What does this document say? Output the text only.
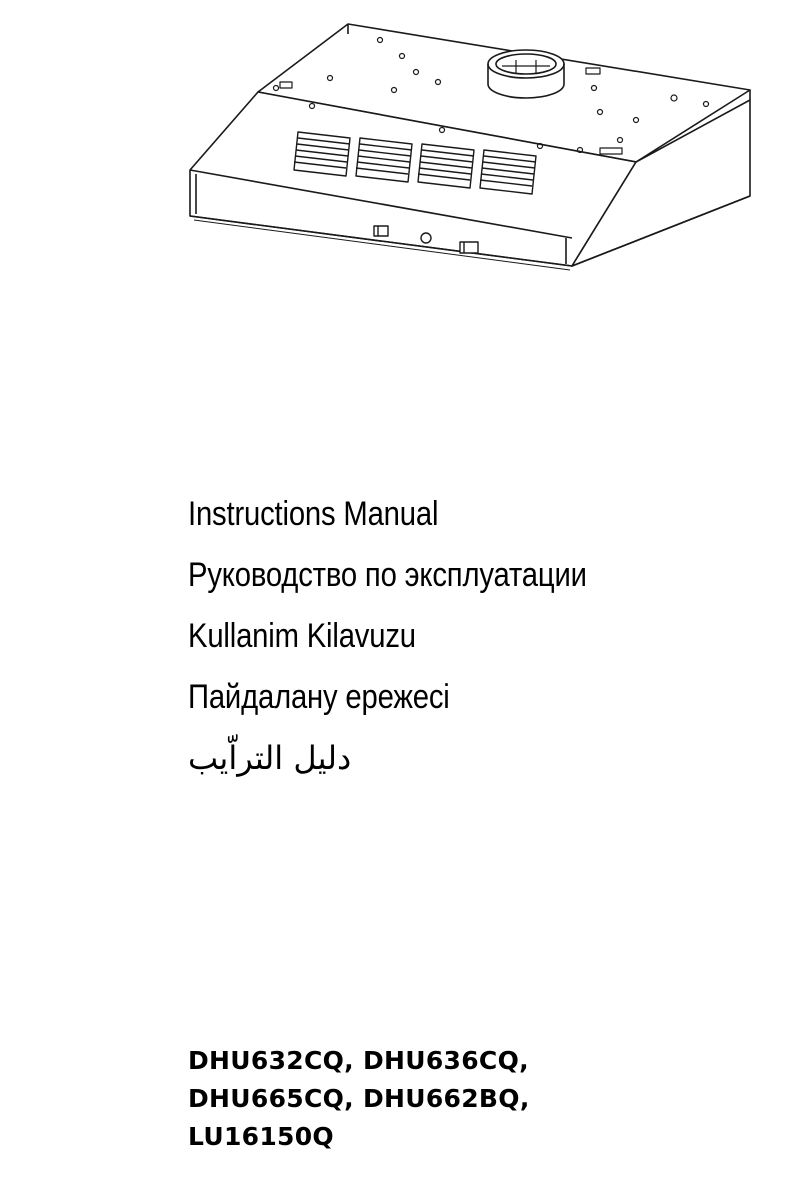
Instructions Manual
Руководство по эксплуатации
Kullanim Kilavuzu
Пайдалану ережесі
دليل التراّيب
DHU632CQ, DHU636CQ,
DHU665CQ, DHU662BQ,
LU16150Q
